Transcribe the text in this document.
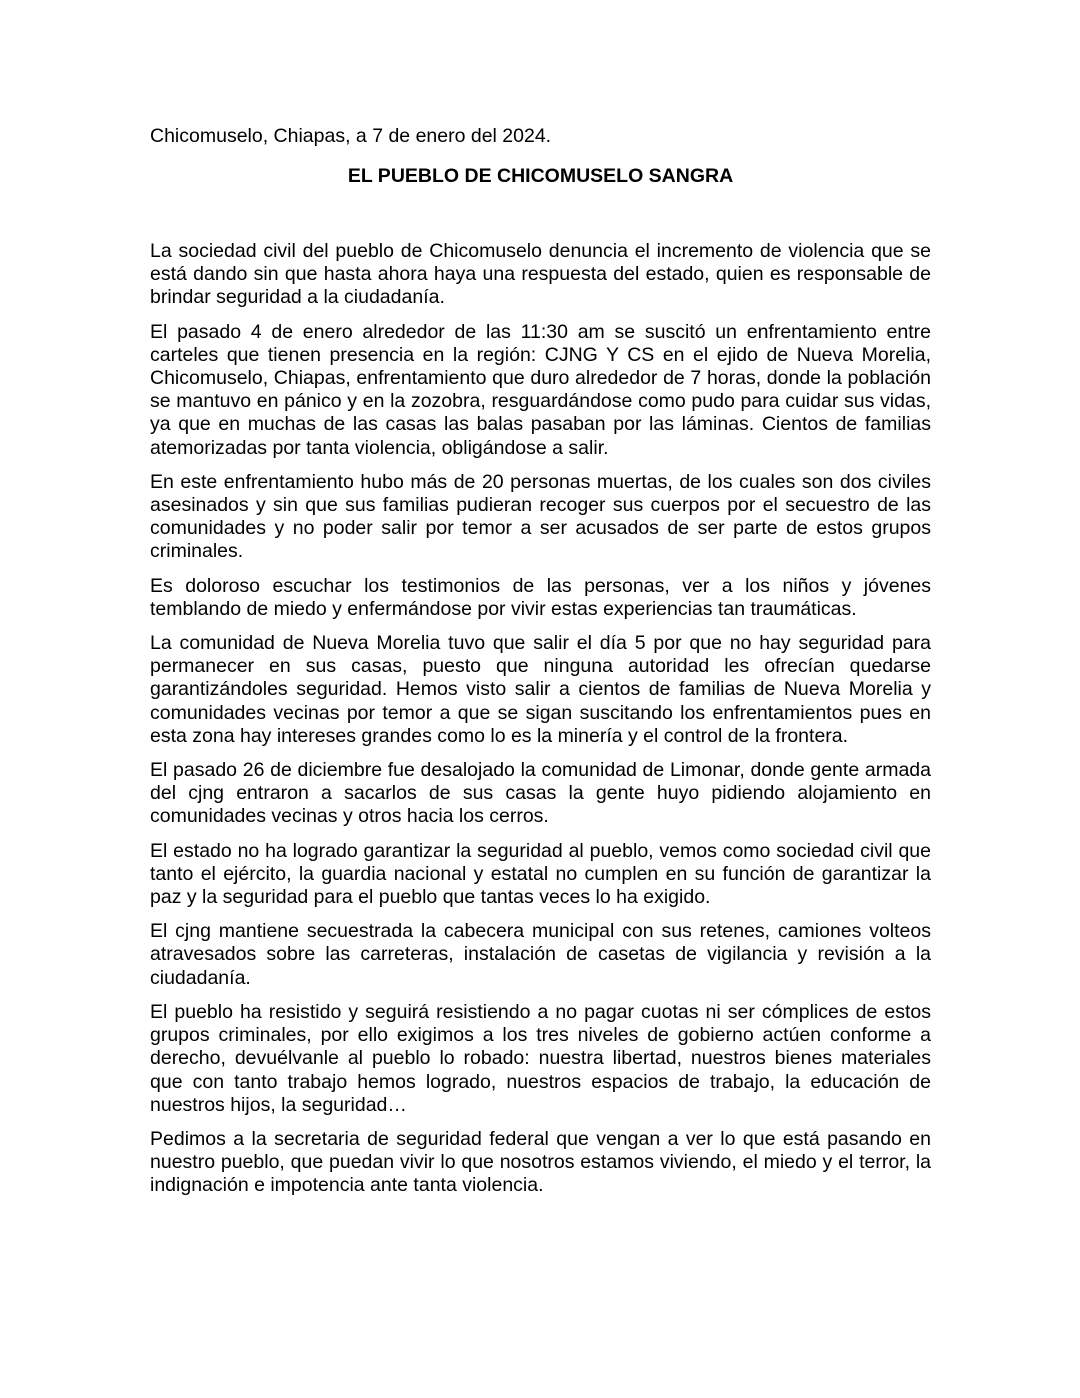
Chicomuselo, Chiapas, a 7 de enero del 2024.

EL PUEBLO DE CHICOMUSELO SANGRA

La sociedad civil del pueblo de Chicomuselo denuncia el incremento de violencia que se está dando sin que hasta ahora haya una respuesta del estado, quien es responsable de brindar seguridad a la ciudadanía.

El pasado 4 de enero alrededor de las 11:30 am se suscitó un enfrentamiento entre carteles que tienen presencia en la región: CJNG Y CS en el ejido de Nueva Morelia, Chicomuselo, Chiapas, enfrentamiento que duro alrededor de 7 horas, donde la población se mantuvo en pánico y en la zozobra, resguardándose como pudo para cuidar sus vidas, ya que en muchas de las casas las balas pasaban por las láminas. Cientos de familias atemorizadas por tanta violencia, obligándose a salir.

En este enfrentamiento hubo más de 20 personas muertas, de los cuales son dos civiles asesinados y sin que sus familias pudieran recoger sus cuerpos por el secuestro de las comunidades y no poder salir por temor a ser acusados de ser parte de estos grupos criminales.

Es doloroso escuchar los testimonios de las personas, ver a los niños y jóvenes temblando de miedo y enfermándose por vivir estas experiencias tan traumáticas.

La comunidad de Nueva Morelia tuvo que salir el día 5 por que no hay seguridad para permanecer en sus casas, puesto que ninguna autoridad les ofrecían quedarse garantizándoles seguridad. Hemos visto salir a cientos de familias de Nueva Morelia y comunidades vecinas por temor a que se sigan suscitando los enfrentamientos pues en esta zona hay intereses grandes como lo es la minería y el control de la frontera.

El pasado 26 de diciembre fue desalojado la comunidad de Limonar, donde gente armada del cjng entraron a sacarlos de sus casas la gente huyo pidiendo alojamiento en comunidades vecinas y otros hacia los cerros.

El estado no ha logrado garantizar la seguridad al pueblo, vemos como sociedad civil que tanto el ejército, la guardia nacional y estatal no cumplen en su función de garantizar la paz y la seguridad para el pueblo que tantas veces lo ha exigido.

El cjng mantiene secuestrada la cabecera municipal con sus retenes, camiones volteos atravesados sobre las carreteras, instalación de casetas de vigilancia y revisión a la ciudadanía.

El pueblo ha resistido y seguirá resistiendo a no pagar cuotas ni ser cómplices de estos grupos criminales, por ello exigimos a los tres niveles de gobierno actúen conforme a derecho, devuélvanle al pueblo lo robado: nuestra libertad, nuestros bienes materiales que con tanto trabajo hemos logrado, nuestros espacios de trabajo, la educación de nuestros hijos, la seguridad…

Pedimos a la secretaria de seguridad federal que vengan a ver lo que está pasando en nuestro pueblo, que puedan vivir lo que nosotros estamos viviendo, el miedo y el terror, la indignación e impotencia ante tanta violencia.
